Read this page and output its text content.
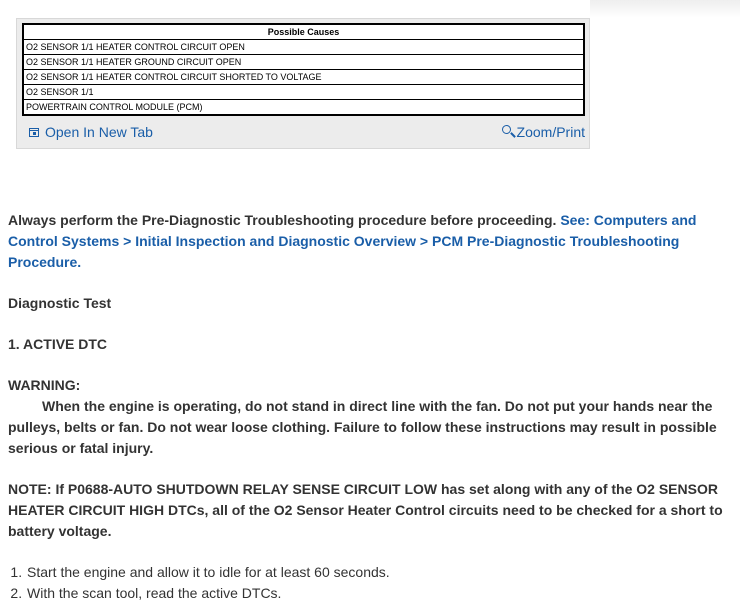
Possible Causes
O2 SENSOR 1/1 HEATER CONTROL CIRCUIT OPEN
O2 SENSOR 1/1 HEATER GROUND CIRCUIT OPEN
O2 SENSOR 1/1 HEATER CONTROL CIRCUIT SHORTED TO VOLTAGE
O2 SENSOR 1/1
POWERTRAIN CONTROL MODULE (PCM)
Open In New Tab	Zoom/Print

Always perform the Pre-Diagnostic Troubleshooting procedure before proceeding. See: Computers and Control Systems > Initial Inspection and Diagnostic Overview > PCM Pre-Diagnostic Troubleshooting Procedure.

Diagnostic Test

1. ACTIVE DTC

WARNING:
When the engine is operating, do not stand in direct line with the fan. Do not put your hands near the pulleys, belts or fan. Do not wear loose clothing. Failure to follow these instructions may result in possible serious or fatal injury.

NOTE: If P0688-AUTO SHUTDOWN RELAY SENSE CIRCUIT LOW has set along with any of the O2 SENSOR HEATER CIRCUIT HIGH DTCs, all of the O2 Sensor Heater Control circuits need to be checked for a short to battery voltage.

1. Start the engine and allow it to idle for at least 60 seconds.
2. With the scan tool, read the active DTCs.
